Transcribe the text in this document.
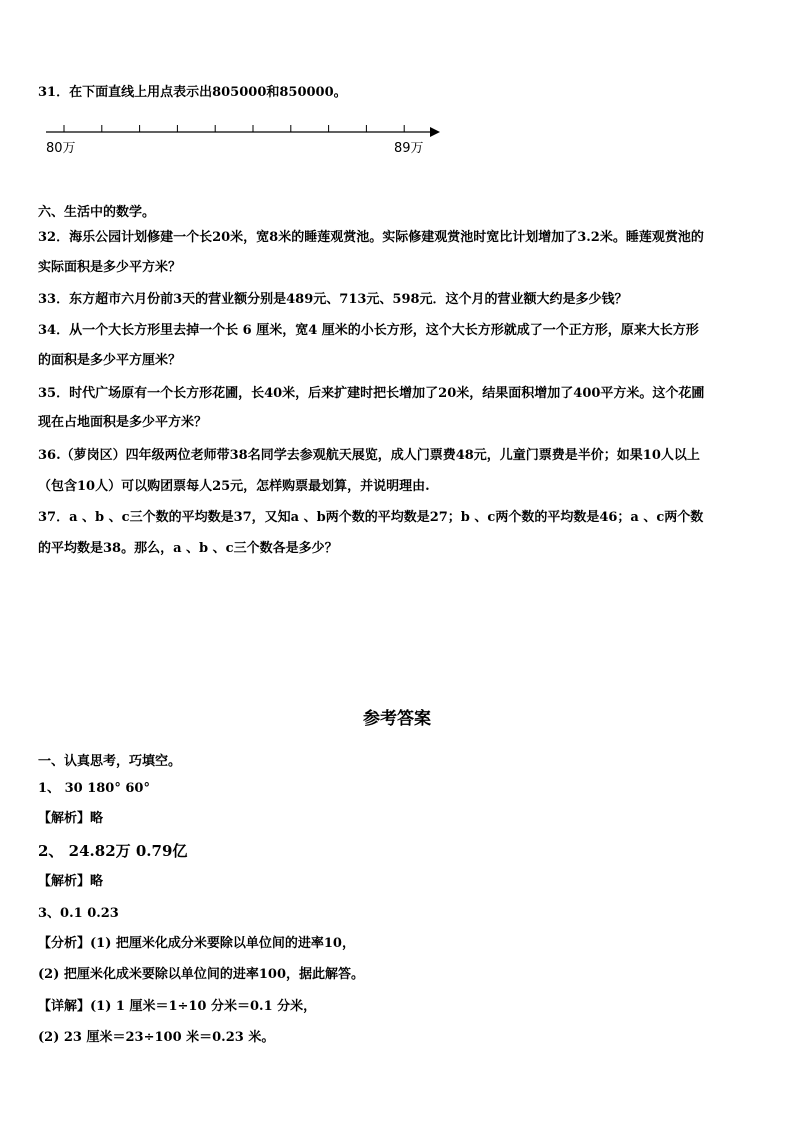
31．在下面直线上用点表示出805000和850000。
80万	89万
六、生活中的数学。
32．海乐公园计划修建一个长20米，宽8米的睡莲观赏池。实际修建观赏池时宽比计划增加了3.2米。睡莲观赏池的
实际面积是多少平方米？
33．东方超市六月份前3天的营业额分别是489元、713元、598元．这个月的营业额大约是多少钱？
34．从一个大长方形里去掉一个长 6 厘米，宽4 厘米的小长方形，这个大长方形就成了一个正方形，原来大长方形
的面积是多少平方厘米？
35．时代广场原有一个长方形花圃，长40米，后来扩建时把长增加了20米，结果面积增加了400平方米。这个花圃
现在占地面积是多少平方米？
36.（萝岗区）四年级两位老师带38名同学去参观航天展览，成人门票费48元，儿童门票费是半价；如果10人以上
（包含10人）可以购团票每人25元，怎样购票最划算，并说明理由.
37．a 、b 、c三个数的平均数是37，又知a 、b两个数的平均数是27；b 、c两个数的平均数是46；a 、c两个数
的平均数是38。那么，a 、b 、c三个数各是多少？
参考答案
一、认真思考，巧填空。
1、 30 180° 60°
【解析】略
2、 24.82万 0.79亿
【解析】略
3、0.1 0.23
【分析】(1) 把厘米化成分米要除以单位间的进率10，
(2) 把厘米化成米要除以单位间的进率100，据此解答。
【详解】(1) 1 厘米＝1÷10 分米＝0.1 分米，
(2) 23 厘米＝23÷100 米＝0.23 米。
